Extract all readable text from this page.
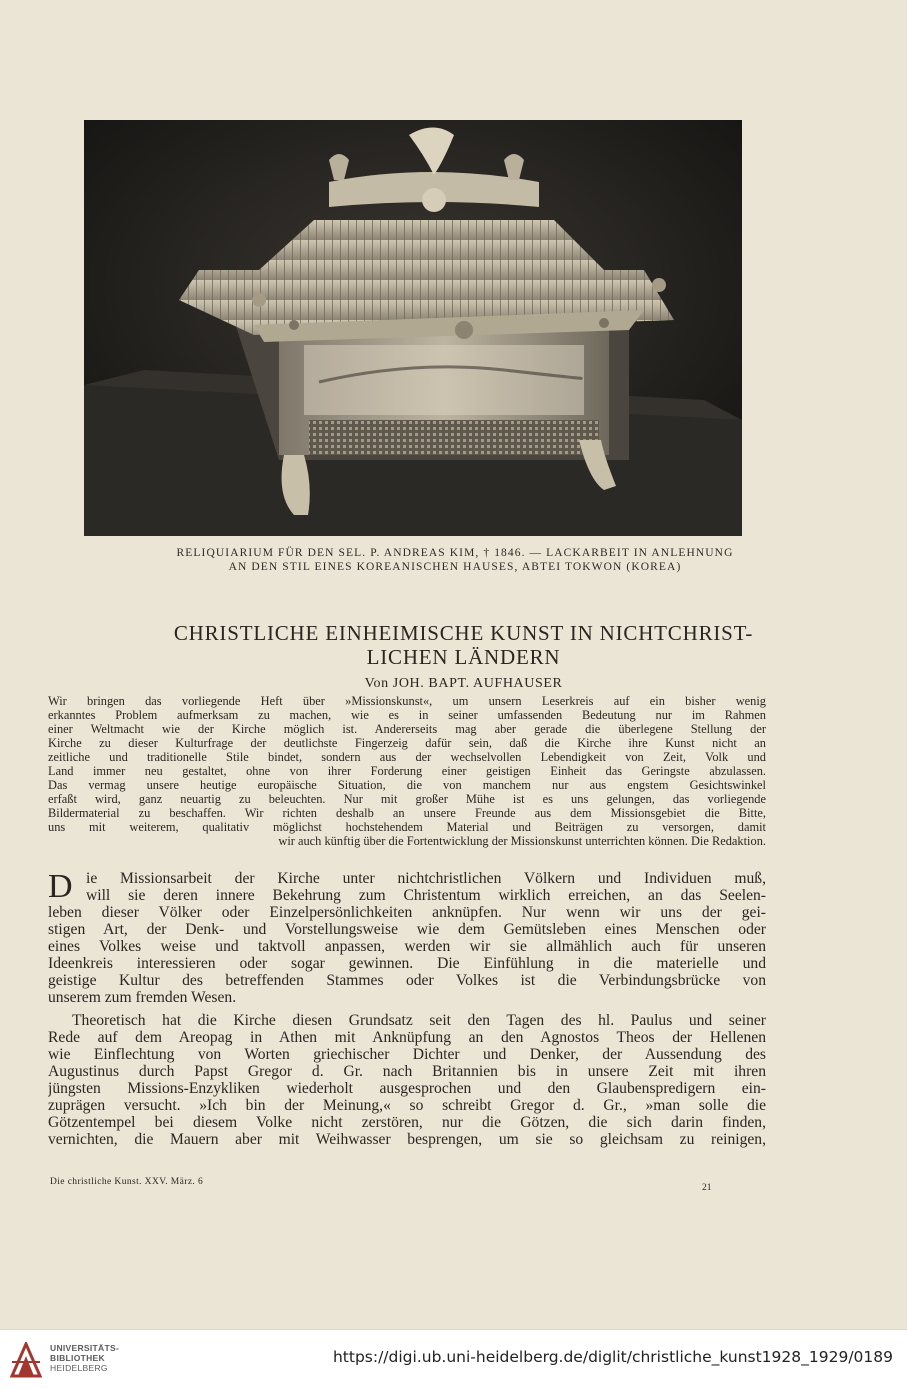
RELIQUIARIUM FÜR DEN SEL. P. ANDREAS KIM, † 1846. — LACKARBEIT IN ANLEHNUNG
AN DEN STIL EINES KOREANISCHEN HAUSES, ABTEI TOKWON (KOREA)
CHRISTLICHE EINHEIMISCHE KUNST IN NICHTCHRIST-
LICHEN LÄNDERN
Von JOH. BAPT. AUFHAUSER
Wir bringen das vorliegende Heft über »Missionskunst«, um unsern Leserkreis auf ein bisher wenig
erkanntes Problem aufmerksam zu machen, wie es in seiner umfassenden Bedeutung nur im Rahmen
einer Weltmacht wie der Kirche möglich ist. Andererseits mag aber gerade die überlegene Stellung der
Kirche zu dieser Kulturfrage der deutlichste Fingerzeig dafür sein, daß die Kirche ihre Kunst nicht an
zeitliche und traditionelle Stile bindet, sondern aus der wechselvollen Lebendigkeit von Zeit, Volk und
Land immer neu gestaltet, ohne von ihrer Forderung einer geistigen Einheit das Geringste abzulassen.
Das vermag unsere heutige europäische Situation, die von manchem nur aus engstem Gesichtswinkel
erfaßt wird, ganz neuartig zu beleuchten. Nur mit großer Mühe ist es uns gelungen, das vorliegende
Bildermaterial zu beschaffen. Wir richten deshalb an unsere Freunde aus dem Missionsgebiet die Bitte,
uns mit weiterem, qualitativ möglichst hochstehendem Material und Beiträgen zu versorgen, damit
wir auch künftig über die Fortentwicklung der Missionskunst unterrichten können. Die Redaktion.
D ie Missionsarbeit der Kirche unter nichtchristlichen Völkern und Individuen muß,
will sie deren innere Bekehrung zum Christentum wirklich erreichen, an das Seelen-
leben dieser Völker oder Einzelpersönlichkeiten anknüpfen. Nur wenn wir uns der gei-
stigen Art, der Denk- und Vorstellungsweise wie dem Gemütsleben eines Menschen oder
eines Volkes weise und taktvoll anpassen, werden wir sie allmählich auch für unseren
Ideenkreis interessieren oder sogar gewinnen. Die Einfühlung in die materielle und
geistige Kultur des betreffenden Stammes oder Volkes ist die Verbindungsbrücke von
unserem zum fremden Wesen.
Theoretisch hat die Kirche diesen Grundsatz seit den Tagen des hl. Paulus und seiner
Rede auf dem Areopag in Athen mit Anknüpfung an den Agnostos Theos der Hellenen
wie Einflechtung von Worten griechischer Dichter und Denker, der Aussendung des
Augustinus durch Papst Gregor d. Gr. nach Britannien bis in unsere Zeit mit ihren
jüngsten Missions-Enzykliken wiederholt ausgesprochen und den Glaubenspredigern ein-
zuprägen versucht. »Ich bin der Meinung,« so schreibt Gregor d. Gr., »man solle die
Götzentempel bei diesem Volke nicht zerstören, nur die Götzen, die sich darin finden,
vernichten, die Mauern aber mit Weihwasser besprengen, um sie so gleichsam zu reinigen,
Die christliche Kunst. XXV. März. 6
21
UNIVERSITÄTS-
BIBLIOTHEK
HEIDELBERG
https://digi.ub.uni-heidelberg.de/diglit/christliche_kunst1928_1929/0189
